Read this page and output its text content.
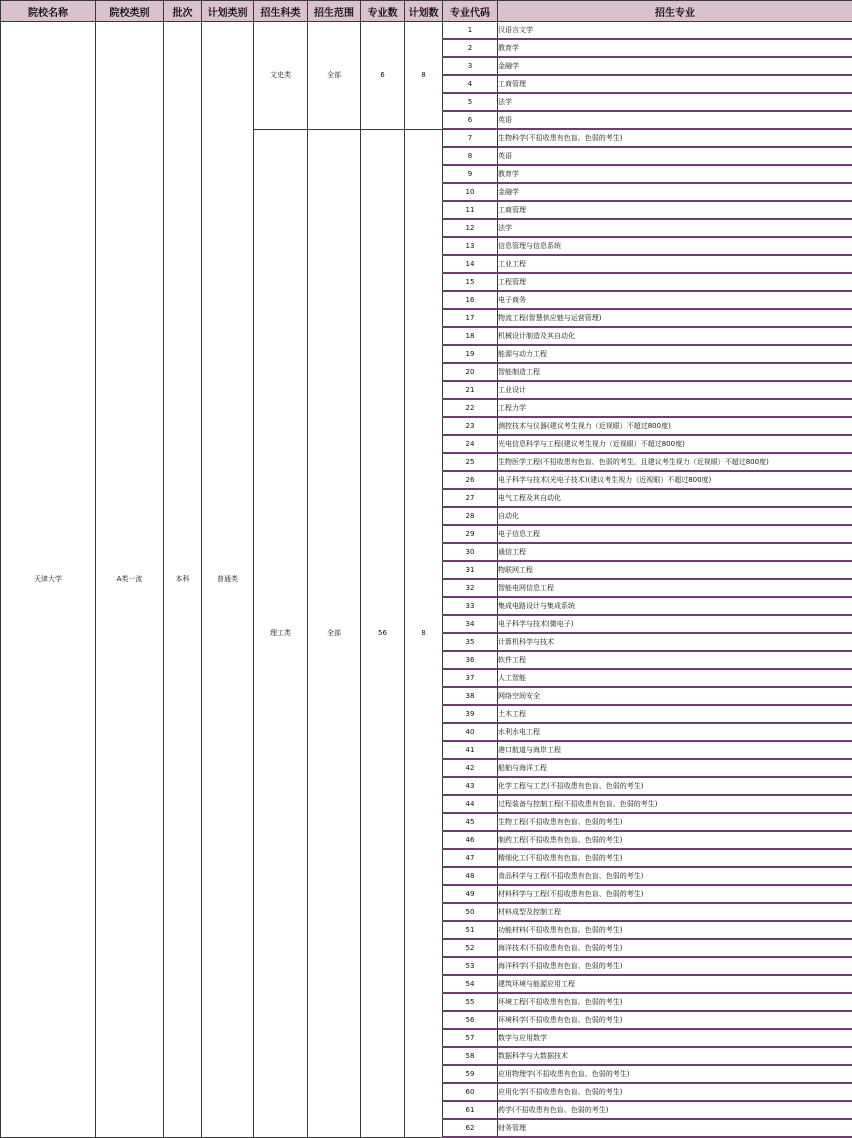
院校名称	院校类别	批次	计划类别	招生科类	招生范围	专业数	计划数	专业代码	招生专业
天津大学	A类一流	本科	普通类	文史类	全部	6	8	1	汉语言文学
								2	教育学
								3	金融学
								4	工商管理
								5	法学
								6	英语
				理工类	全部	56	8	7	生物科学(不招收患有色盲、色弱的考生)
								8	英语
								9	教育学
								10	金融学
								11	工商管理
								12	法学
								13	信息管理与信息系统
								14	工业工程
								15	工程管理
								16	电子商务
								17	物流工程(智慧供应链与运营管理)
								18	机械设计制造及其自动化
								19	能源与动力工程
								20	智能制造工程
								21	工业设计
								22	工程力学
								23	测控技术与仪器(建议考生视力（近视眼）不超过800度)
								24	光电信息科学与工程(建议考生视力（近视眼）不超过800度)
								25	生物医学工程(不招收患有色盲、色弱的考生，且建议考生视力（近视眼）不超过800度)
								26	电子科学与技术(光电子技术)(建议考生视力（近视眼）不超过800度)
								27	电气工程及其自动化
								28	自动化
								29	电子信息工程
								30	通信工程
								31	物联网工程
								32	智能电网信息工程
								33	集成电路设计与集成系统
								34	电子科学与技术(微电子)
								35	计算机科学与技术
								36	软件工程
								37	人工智能
								38	网络空间安全
								39	土木工程
								40	水利水电工程
								41	港口航道与海岸工程
								42	船舶与海洋工程
								43	化学工程与工艺(不招收患有色盲、色弱的考生)
								44	过程装备与控制工程(不招收患有色盲、色弱的考生)
								45	生物工程(不招收患有色盲、色弱的考生)
								46	制药工程(不招收患有色盲、色弱的考生)
								47	精细化工(不招收患有色盲、色弱的考生)
								48	食品科学与工程(不招收患有色盲、色弱的考生)
								49	材料科学与工程(不招收患有色盲、色弱的考生)
								50	材料成型及控制工程
								51	功能材料(不招收患有色盲、色弱的考生)
								52	海洋技术(不招收患有色盲、色弱的考生)
								53	海洋科学(不招收患有色盲、色弱的考生)
								54	建筑环境与能源应用工程
								55	环境工程(不招收患有色盲、色弱的考生)
								56	环境科学(不招收患有色盲、色弱的考生)
								57	数学与应用数学
								58	数据科学与大数据技术
								59	应用物理学(不招收患有色盲、色弱的考生)
								60	应用化学(不招收患有色盲、色弱的考生)
								61	药学(不招收患有色盲、色弱的考生)
								62	财务管理
